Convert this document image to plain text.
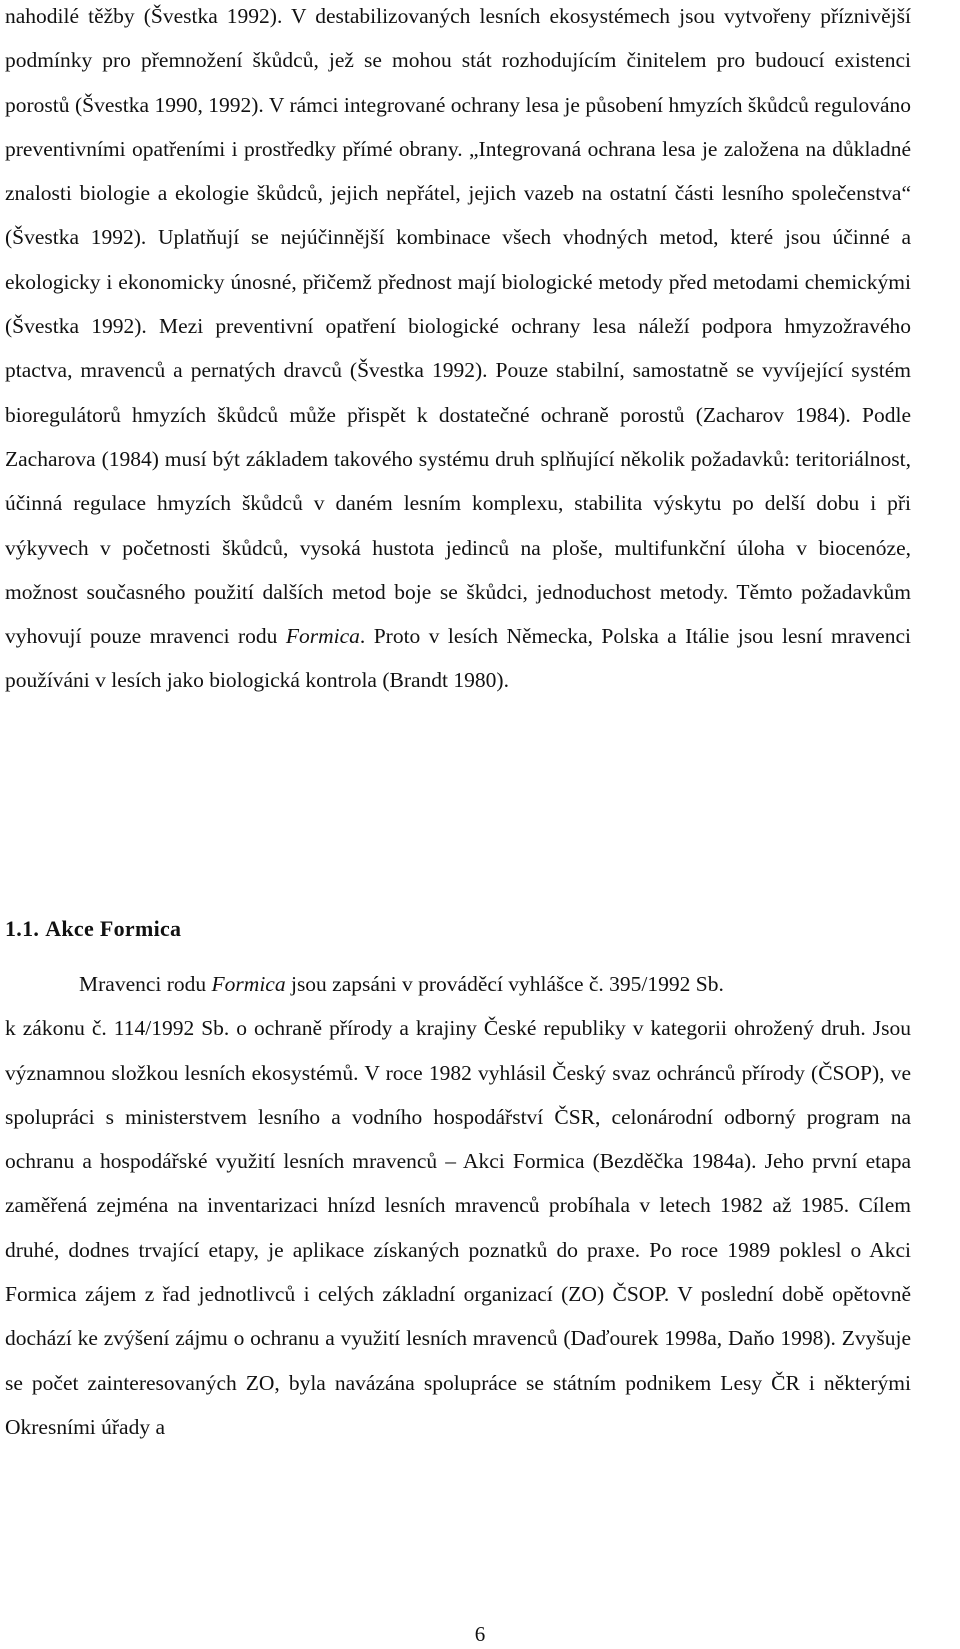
nahodilé těžby (Švestka 1992). V destabilizovaných lesních ekosystémech jsou vytvořeny příznivější podmínky pro přemnožení škůdců, jež se mohou stát rozhodujícím činitelem pro budoucí existenci porostů (Švestka 1990, 1992). V rámci integrované ochrany lesa je působení hmyzích škůdců regulováno preventivními opatřeními i prostředky přímé obrany. „Integrovaná ochrana lesa je založena na důkladné znalosti biologie a ekologie škůdců, jejich nepřátel, jejich vazeb na ostatní části lesního společenstva“ (Švestka 1992). Uplatňují se nejúčinnější kombinace všech vhodných metod, které jsou účinné a ekologicky i ekonomicky únosné, přičemž přednost mají biologické metody před metodami chemickými (Švestka 1992). Mezi preventivní opatření biologické ochrany lesa náleží podpora hmyzožravého ptactva, mravenců a pernatých dravců (Švestka 1992). Pouze stabilní, samostatně se vyvíjející systém bioregulátorů hmyzích škůdců může přispět k dostatečné ochraně porostů (Zacharov 1984). Podle Zacharova (1984) musí být základem takového systému druh splňující několik požadavků: teritoriálnost, účinná regulace hmyzích škůdců v daném lesním komplexu, stabilita výskytu po delší dobu i při výkyvech v početnosti škůdců, vysoká hustota jedinců na ploše, multifunkční úloha v biocenóze, možnost současného použití dalších metod boje se škůdci, jednoduchost metody. Těmto požadavkům vyhovují pouze mravenci rodu Formica. Proto v lesích Německa, Polska a Itálie jsou lesní mravenci používáni v lesích jako biologická kontrola (Brandt 1980).
1.1. Akce Formica
Mravenci rodu Formica jsou zapsáni v prováděcí vyhlášce č. 395/1992 Sb.
k zákonu č. 114/1992 Sb. o ochraně přírody a krajiny České republiky v kategorii ohrožený druh. Jsou významnou složkou lesních ekosystémů. V roce 1982 vyhlásil Český svaz ochránců přírody (ČSOP), ve spolupráci s ministerstvem lesního a vodního hospodářství ČSR, celonárodní odborný program na ochranu a hospodářské využití lesních mravenců – Akci Formica (Bezděčka 1984a). Jeho první etapa zaměřená zejména na inventarizaci hnízd lesních mravenců probíhala v letech 1982 až 1985. Cílem druhé, dodnes trvající etapy, je aplikace získaných poznatků do praxe. Po roce 1989 poklesl o Akci Formica zájem z řad jednotlivců i celých základní organizací (ZO) ČSOP. V poslední době opětovně dochází ke zvýšení zájmu o ochranu a využití lesních mravenců (Daďourek 1998a, Daňo 1998). Zvyšuje se počet zainteresovaných ZO, byla navázána spolupráce se státním podnikem Lesy ČR i některými Okresními úřady a
6
